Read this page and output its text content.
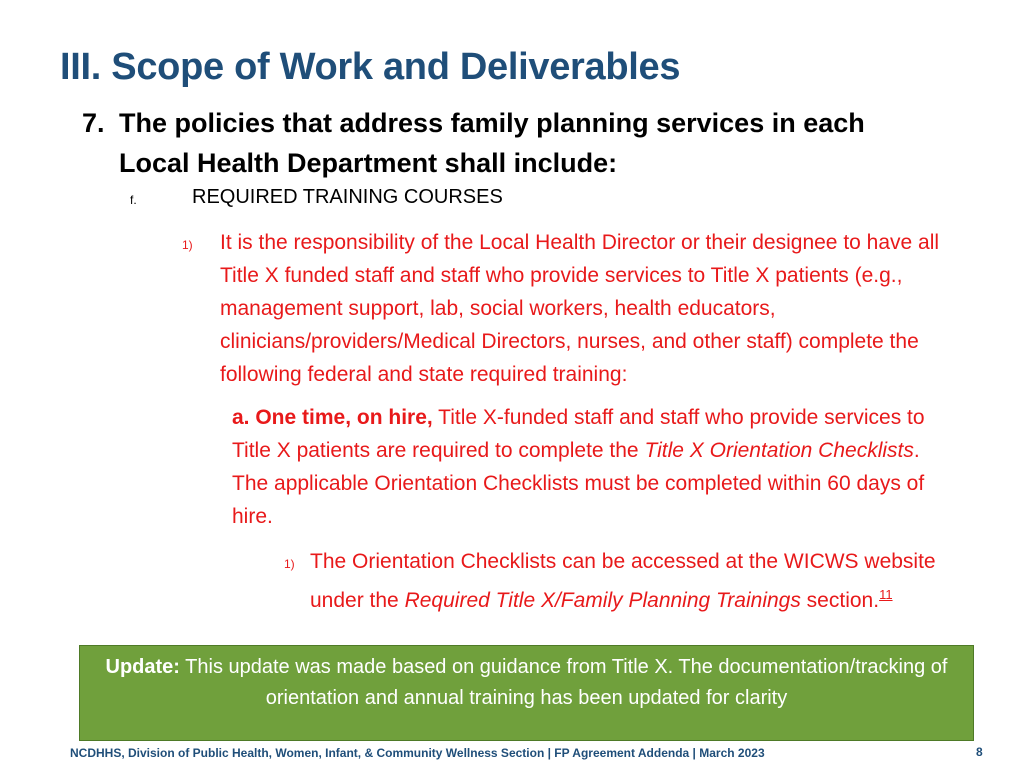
III. Scope of Work and Deliverables
7. The policies that address family planning services in each Local Health Department shall include:
f.	REQUIRED TRAINING COURSES
1) It is the responsibility of the Local Health Director or their designee to have all Title X funded staff and staff who provide services to Title X patients (e.g., management support, lab, social workers, health educators, clinicians/providers/Medical Directors, nurses, and other staff) complete the following federal and state required training:
a. One time, on hire, Title X-funded staff and staff who provide services to Title X patients are required to complete the Title X Orientation Checklists. The applicable Orientation Checklists must be completed within 60 days of hire.
1) The Orientation Checklists can be accessed at the WICWS website under the Required Title X/Family Planning Trainings section.$^{11}$
Update: This update was made based on guidance from Title X. The documentation/tracking of orientation and annual training has been updated for clarity
NCDHHS, Division of Public Health, Women, Infant, & Community Wellness Section | FP Agreement Addenda | March 2023	8
